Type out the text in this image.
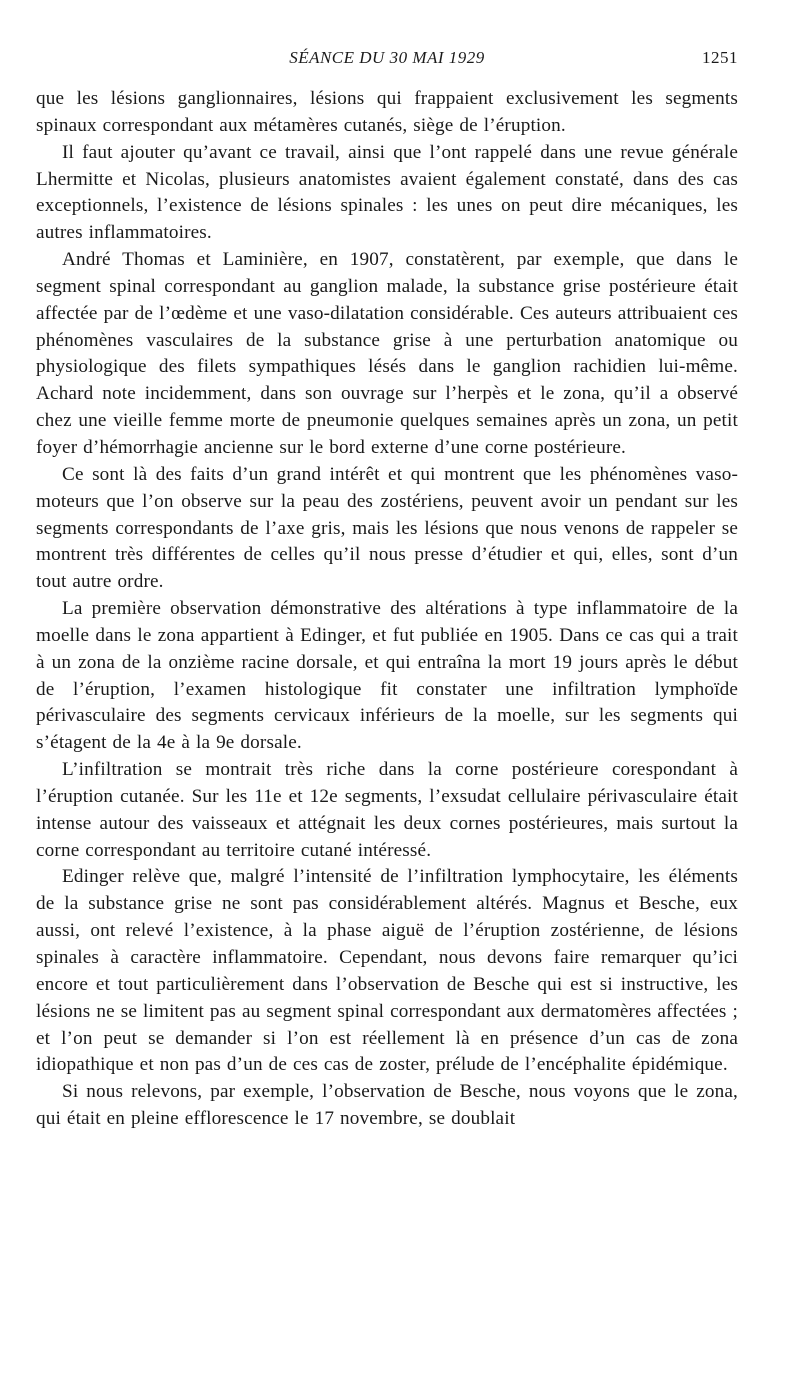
SÉANCE DU 30 MAI 1929	1251

que les lésions ganglionnaires, lésions qui frappaient exclusivement les segments spinaux correspondant aux métamères cutanés, siège de l’éruption.

Il faut ajouter qu’avant ce travail, ainsi que l’ont rappelé dans une revue générale Lhermitte et Nicolas, plusieurs anatomistes avaient également constaté, dans des cas exceptionnels, l’existence de lésions spinales : les unes on peut dire mécaniques, les autres inflammatoires.

André Thomas et Laminière, en 1907, constatèrent, par exemple, que dans le segment spinal correspondant au ganglion malade, la substance grise postérieure était affectée par de l’œdème et une vaso-dilatation considérable. Ces auteurs attribuaient ces phénomènes vasculaires de la substance grise à une perturbation anatomique ou physiologique des filets sympathiques lésés dans le ganglion rachidien lui-même. Achard note incidemment, dans son ouvrage sur l’herpès et le zona, qu’il a observé chez une vieille femme morte de pneumonie quelques semaines après un zona, un petit foyer d’hémorrhagie ancienne sur le bord externe d’une corne postérieure.

Ce sont là des faits d’un grand intérêt et qui montrent que les phénomènes vaso-moteurs que l’on observe sur la peau des zostériens, peuvent avoir un pendant sur les segments correspondants de l’axe gris, mais les lésions que nous venons de rappeler se montrent très différentes de celles qu’il nous presse d’étudier et qui, elles, sont d’un tout autre ordre.

La première observation démonstrative des altérations à type inflammatoire de la moelle dans le zona appartient à Edinger, et fut publiée en 1905. Dans ce cas qui a trait à un zona de la onzième racine dorsale, et qui entraîna la mort 19 jours après le début de l’éruption, l’examen histologique fit constater une infiltration lymphoïde périvasculaire des segments cervicaux inférieurs de la moelle, sur les segments qui s’étagent de la 4e à la 9e dorsale.

L’infiltration se montrait très riche dans la corne postérieure corespondant à l’éruption cutanée. Sur les 11e et 12e segments, l’exsudat cellulaire périvasculaire était intense autour des vaisseaux et attégnait les deux cornes postérieures, mais surtout la corne correspondant au territoire cutané intéressé.

Edinger relève que, malgré l’intensité de l’infiltration lymphocytaire, les éléments de la substance grise ne sont pas considérablement altérés. Magnus et Besche, eux aussi, ont relevé l’existence, à la phase aiguë de l’éruption zostérienne, de lésions spinales à caractère inflammatoire. Cependant, nous devons faire remarquer qu’ici encore et tout particulièrement dans l’observation de Besche qui est si instructive, les lésions ne se limitent pas au segment spinal correspondant aux dermatomères affectées ; et l’on peut se demander si l’on est réellement là en présence d’un cas de zona idiopathique et non pas d’un de ces cas de zoster, prélude de l’encéphalite épidémique.

Si nous relevons, par exemple, l’observation de Besche, nous voyons que le zona, qui était en pleine efflorescence le 17 novembre, se doublait
